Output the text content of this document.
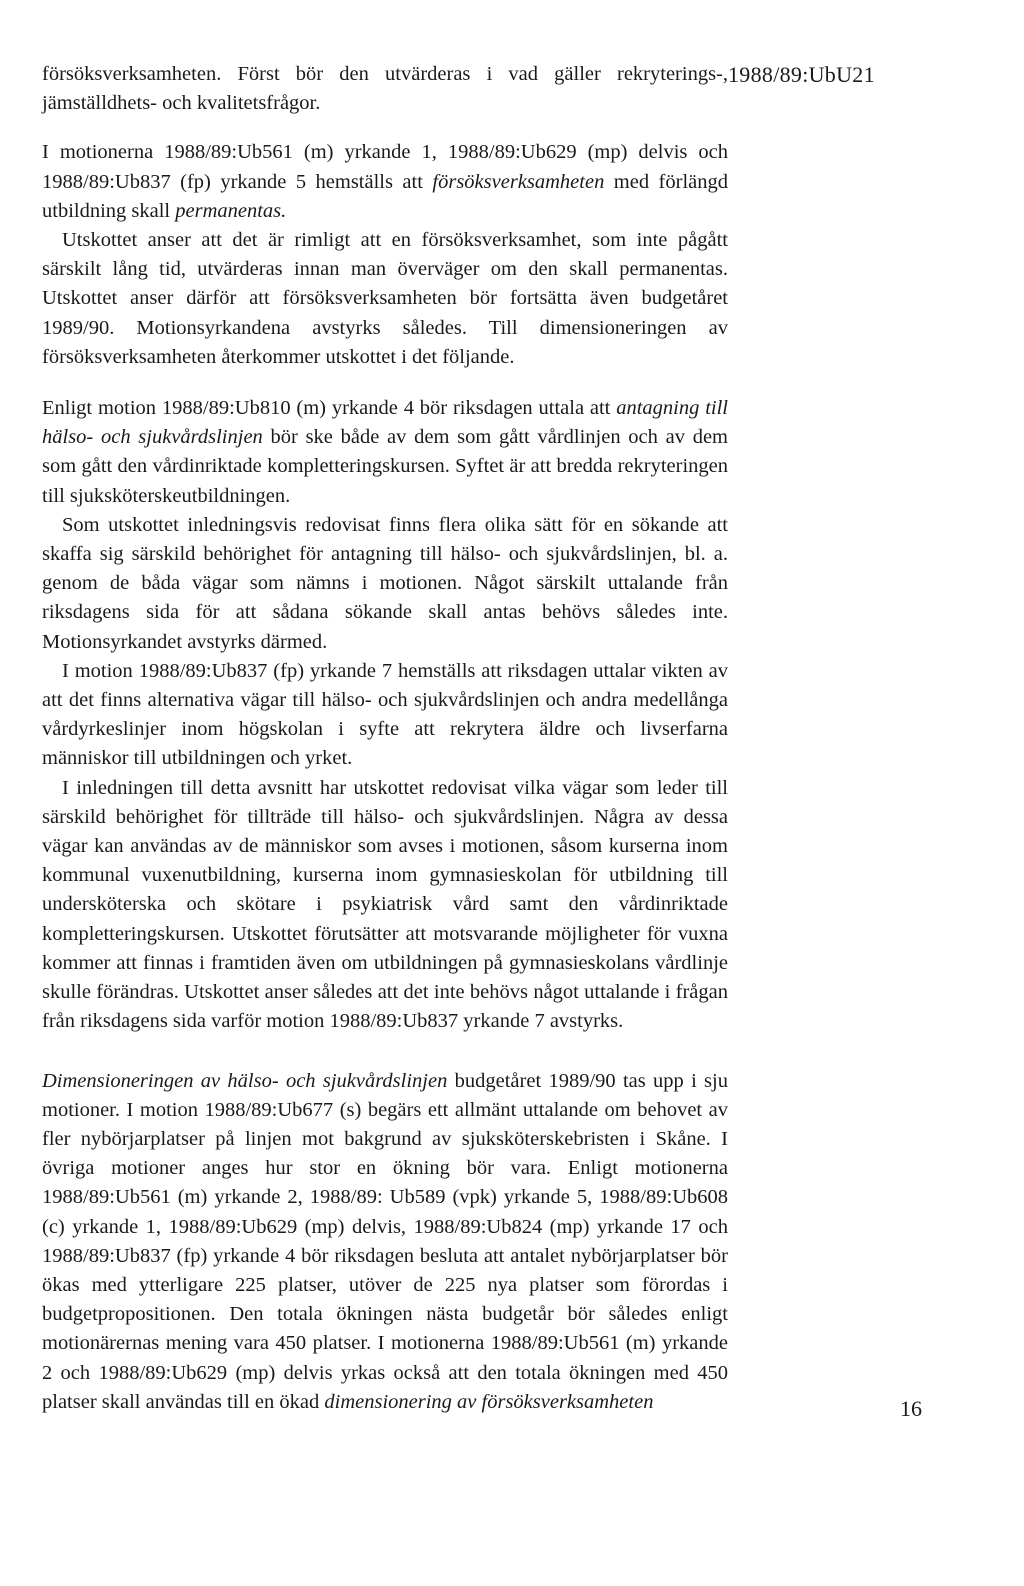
1988/89:UbU21

försöksverksamheten. Först bör den utvärderas i vad gäller rekryterings-, jämställdhets- och kvalitetsfrågor.

I motionerna 1988/89:Ub561 (m) yrkande 1, 1988/89:Ub629 (mp) delvis och 1988/89:Ub837 (fp) yrkande 5 hemställs att försöksverksamheten med förlängd utbildning skall permanentas.

Utskottet anser att det är rimligt att en försöksverksamhet, som inte pågått särskilt lång tid, utvärderas innan man överväger om den skall permanentas. Utskottet anser därför att försöksverksamheten bör fortsätta även budgetåret 1989/90. Motionsyrkandena avstyrks således. Till dimensioneringen av försöksverksamheten återkommer utskottet i det följande.

Enligt motion 1988/89:Ub810 (m) yrkande 4 bör riksdagen uttala att antagning till hälso- och sjukvårdslinjen bör ske både av dem som gått vårdlinjen och av dem som gått den vårdinriktade kompletteringskursen. Syftet är att bredda rekryteringen till sjuksköterskeutbildningen.

Som utskottet inledningsvis redovisat finns flera olika sätt för en sökande att skaffa sig särskild behörighet för antagning till hälso- och sjukvårdslinjen, bl. a. genom de båda vägar som nämns i motionen. Något särskilt uttalande från riksdagens sida för att sådana sökande skall antas behövs således inte. Motionsyrkandet avstyrks därmed.

I motion 1988/89:Ub837 (fp) yrkande 7 hemställs att riksdagen uttalar vikten av att det finns alternativa vägar till hälso- och sjukvårdslinjen och andra medellånga vårdyrkeslinjer inom högskolan i syfte att rekrytera äldre och livserfarna människor till utbildningen och yrket.

I inledningen till detta avsnitt har utskottet redovisat vilka vägar som leder till särskild behörighet för tillträde till hälso- och sjukvårdslinjen. Några av dessa vägar kan användas av de människor som avses i motionen, såsom kurserna inom kommunal vuxenutbildning, kurserna inom gymnasieskolan för utbildning till undersköterska och skötare i psykiatrisk vård samt den vårdinriktade kompletteringskursen. Utskottet förutsätter att motsvarande möjligheter för vuxna kommer att finnas i framtiden även om utbildningen på gymnasieskolans vårdlinje skulle förändras. Utskottet anser således att det inte behövs något uttalande i frågan från riksdagens sida varför motion 1988/89:Ub837 yrkande 7 avstyrks.

Dimensioneringen av hälso- och sjukvårdslinjen budgetåret 1989/90 tas upp i sju motioner. I motion 1988/89:Ub677 (s) begärs ett allmänt uttalande om behovet av fler nybörjarplatser på linjen mot bakgrund av sjuksköterskebristen i Skåne. I övriga motioner anges hur stor en ökning bör vara. Enligt motionerna 1988/89:Ub561 (m) yrkande 2, 1988/89: Ub589 (vpk) yrkande 5, 1988/89:Ub608 (c) yrkande 1, 1988/89:Ub629 (mp) delvis, 1988/89:Ub824 (mp) yrkande 17 och 1988/89:Ub837 (fp) yrkande 4 bör riksdagen besluta att antalet nybörjarplatser bör ökas med ytterligare 225 platser, utöver de 225 nya platser som förordas i budgetpropositionen. Den totala ökningen nästa budgetår bör således enligt motionärernas mening vara 450 platser. I motionerna 1988/89:Ub561 (m) yrkande 2 och 1988/89:Ub629 (mp) delvis yrkas också att den totala ökningen med 450 platser skall användas till en ökad dimensionering av försöksverksamheten	16
